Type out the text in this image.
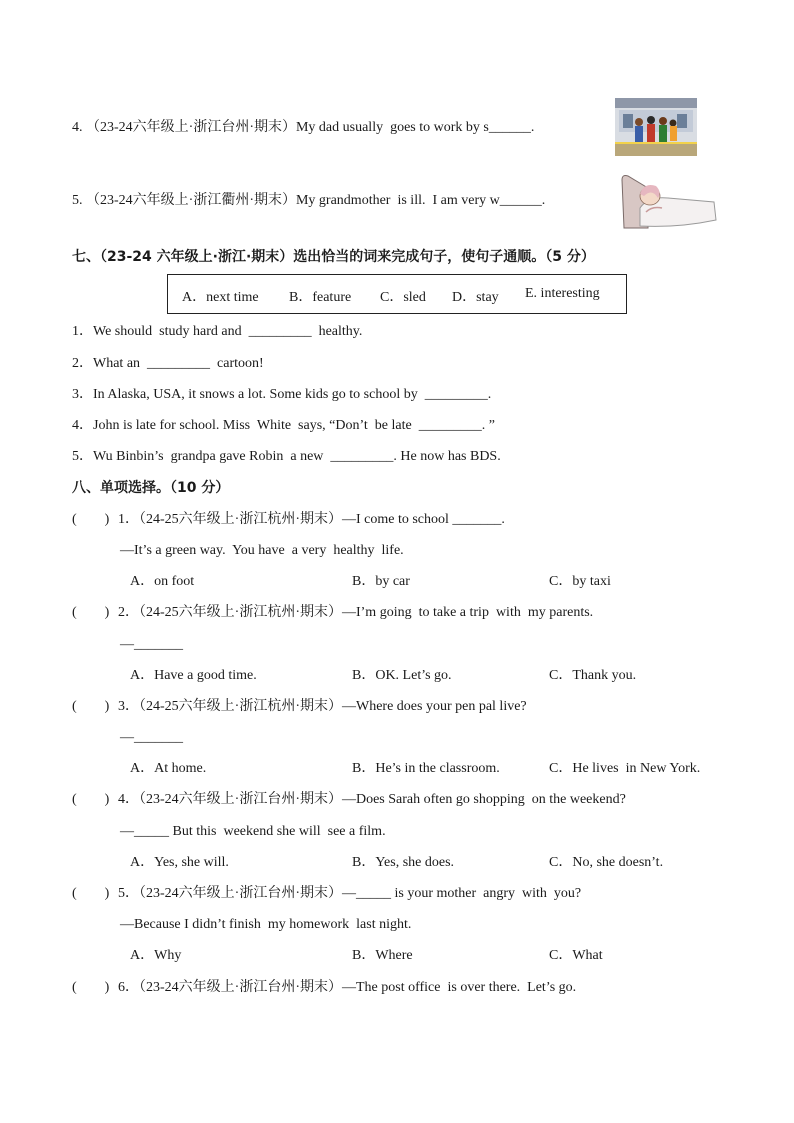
4. （23-24六年级上·浙江台州·期末）My dad usually  goes to work by s______.
5. （23-24六年级上·浙江衢州·期末）My grandmother  is ill.  I am very w______.
七、（23-24 六年级上·浙江·期末）选出恰当的词来完成句子，使句子通顺。（5 分）
A．next time B．feature C．sled D．stay E. interesting
1．We should  study hard and  _________  healthy.
2．What an  _________  cartoon!
3．In Alaska, USA, it snows a lot. Some kids go to school by  _________.
4．John is late for school. Miss  White  says, “Don’t  be late  _________. ”
5．Wu Binbin’s  grandpa gave Robin  a new  _________. He now has BDS.
八、单项选择。（10 分）
(        ) 1．（24-25六年级上·浙江杭州·期末）—I come to school _______.
—It’s a green way.  You have  a very  healthy  life.
A．on foot	B．by car	C．by taxi
(        ) 2．（24-25六年级上·浙江杭州·期末）—I’m going  to take a trip  with  my parents.
—_______
A．Have a good time.	B．OK. Let’s go.	C．Thank you.
(        ) 3．（24-25六年级上·浙江杭州·期末）—Where does your pen pal live?
—_______
A．At home.	B．He’s in the classroom.	C．He lives  in New York.
(        ) 4．（23-24六年级上·浙江台州·期末）—Does Sarah often go shopping  on the weekend?
—_____ But this  weekend she will  see a film.
A．Yes, she will.	B．Yes, she does.	C．No, she doesn’t.
(        ) 5．（23-24六年级上·浙江台州·期末）—_____ is your mother  angry  with  you?
—Because I didn’t finish  my homework  last night.
A．Why	B．Where	C．What
(        ) 6．（23-24六年级上·浙江台州·期末）—The post office  is over there.  Let’s go.
